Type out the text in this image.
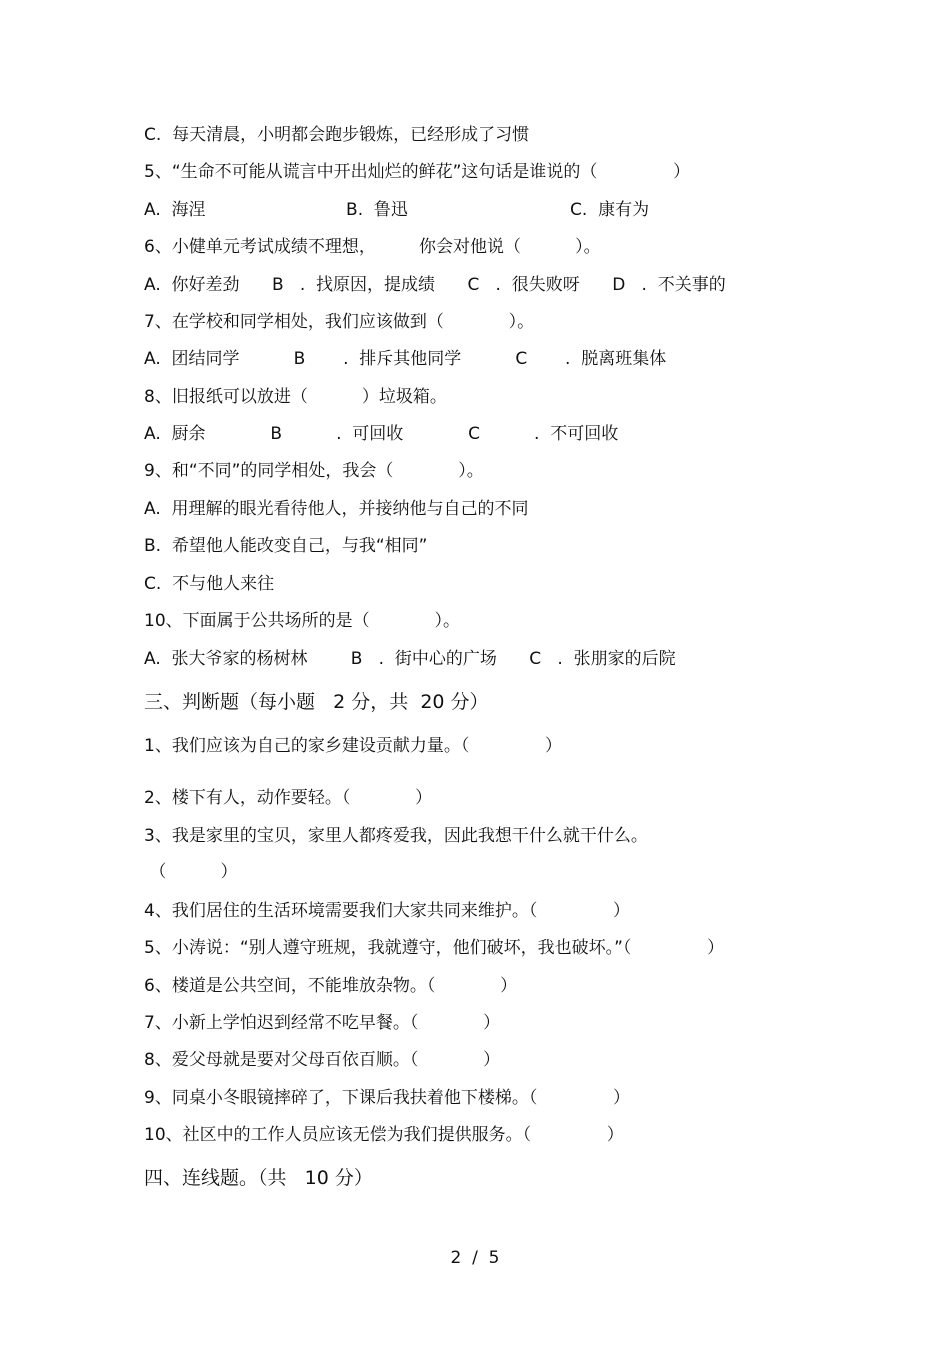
C.  每天清晨，小明都会跑步锻炼，已经形成了习惯
5、“生命不可能从谎言中开出灿烂的鲜花”这句话是谁说的（              ）
A.  海涅                          B.  鲁迅                              C.  康有为
6、小健单元考试成绩不理想，        你会对他说（          ）。
A.  你好差劲      B   .  找原因，提成绩      C   .  很失败呀      D   .  不关事的
7、在学校和同学相处，我们应该做到（            ）。
A.  团结同学          B       .  排斥其他同学          C       .  脱离班集体
8、旧报纸可以放进（          ）垃圾箱。
A.  厨余            B          .  可回收            C          .  不可回收
9、和“不同”的同学相处，我会（            ）。
A.  用理解的眼光看待他人，并接纳他与自己的不同
B.  希望他人能改变自己，与我“相同”
C.  不与他人来往
10、下面属于公共场所的是（            ）。
A.  张大爷家的杨树林        B   .  街中心的广场      C   .  张朋家的后院
三、判断题（每小题   2 分，共  20 分）
1、我们应该为自己的家乡建设贡献力量。（              ）
2、楼下有人，动作要轻。（            ）
3、我是家里的宝贝，家里人都疼爱我，因此我想干什么就干什么。
（          ）
4、我们居住的生活环境需要我们大家共同来维护。（              ）
5、小涛说：“别人遵守班规，我就遵守，他们破坏，我也破坏。”（              ）
6、楼道是公共空间，不能堆放杂物。（            ）
7、小新上学怕迟到经常不吃早餐。（            ）
8、爱父母就是要对父母百依百顺。（            ）
9、同桌小冬眼镜摔碎了，下课后我扶着他下楼梯。（              ）
10、社区中的工作人员应该无偿为我们提供服务。（              ）
四、连线题。（共   10 分）
2  /  5
